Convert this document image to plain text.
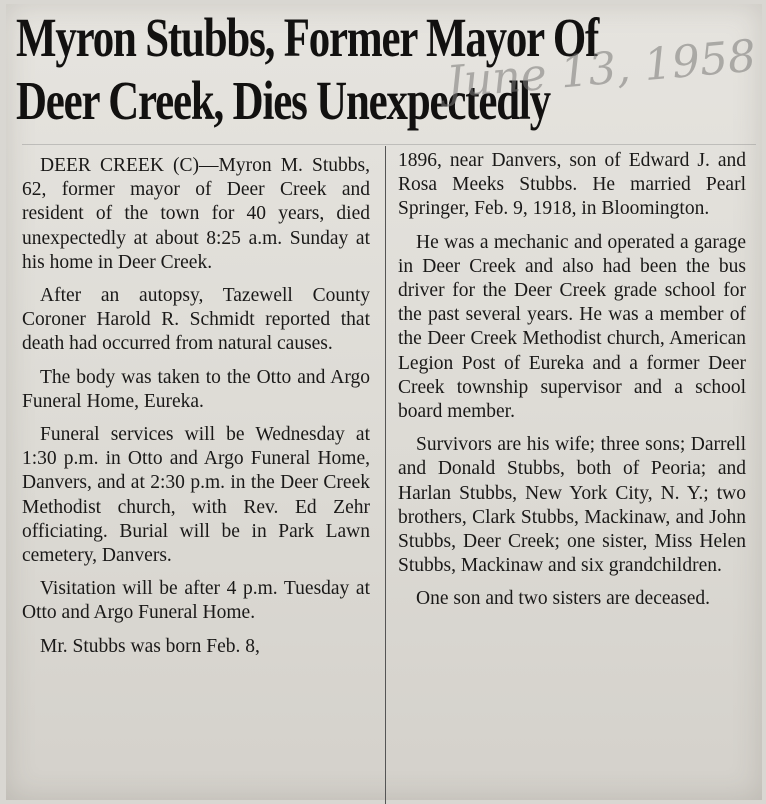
Myron Stubbs, Former Mayor Of
Deer Creek, Dies Unexpectedly
June 13, 1958

DEER CREEK (C)—Myron M. Stubbs, 62, former mayor of Deer Creek and resident of the town for 40 years, died unexpectedly at about 8:25 a.m. Sunday at his home in Deer Creek.

After an autopsy, Tazewell County Coroner Harold R. Schmidt reported that death had occurred from natural causes.

The body was taken to the Otto and Argo Funeral Home, Eureka.

Funeral services will be Wednesday at 1:30 p.m. in Otto and Argo Funeral Home, Danvers, and at 2:30 p.m. in the Deer Creek Methodist church, with Rev. Ed Zehr officiating. Burial will be in Park Lawn cemetery, Danvers.

Visitation will be after 4 p.m. Tuesday at Otto and Argo Funeral Home.

Mr. Stubbs was born Feb. 8,

1896, near Danvers, son of Edward J. and Rosa Meeks Stubbs. He married Pearl Springer, Feb. 9, 1918, in Bloomington.

He was a mechanic and operated a garage in Deer Creek and also had been the bus driver for the Deer Creek grade school for the past several years. He was a member of the Deer Creek Methodist church, American Legion Post of Eureka and a former Deer Creek township supervisor and a school board member.

Survivors are his wife; three sons; Darrell and Donald Stubbs, both of Peoria; and Harlan Stubbs, New York City, N. Y.; two brothers, Clark Stubbs, Mackinaw, and John Stubbs, Deer Creek; one sister, Miss Helen Stubbs, Mackinaw and six grandchildren.

One son and two sisters are deceased.
